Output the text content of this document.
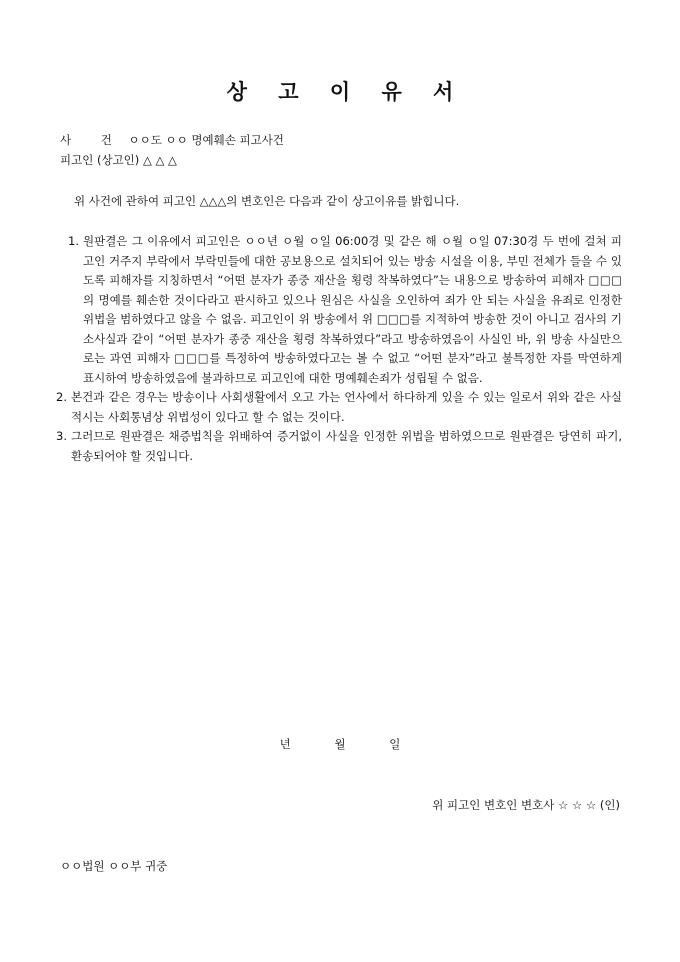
상 고 이 유 서
사 건 ㅇㅇ도 ㅇㅇ 명예훼손 피고사건
피고인 (상고인) △ △ △
위 사건에 관하여 피고인 △△△의 변호인은 다음과 같이 상고이유를 밝힙니다.
1. 원판결은 그 이유에서 피고인은 ㅇㅇ년 ㅇ월 ㅇ일 06:00경 및 같은 해 ㅇ월 ㅇ일 07:30경 두 번에 걸쳐 피고인 거주지 부락에서 부락민들에 대한 공보용으로 설치되어 있는 방송 시설을 이용, 부민 전체가 들을 수 있도록 피해자를 지칭하면서 “어떤 분자가 종중 재산을 횡령 착복하였다”는 내용으로 방송하여 피해자 □□□의 명예를 훼손한 것이다라고 판시하고 있으나 원심은 사실을 오인하여 죄가 안 되는 사실을 유죄로 인정한 위법을 범하였다고 않을 수 없음. 피고인이 위 방송에서 위 □□□를 지적하여 방송한 것이 아니고 검사의 기소사실과 같이 “어떤 분자가 종중 재산을 횡령 착복하였다”라고 방송하였음이 사실인 바, 위 방송 사실만으로는 과연 피해자 □□□를 특정하여 방송하였다고는 볼 수 없고 “어떤 분자”라고 불특정한 자를 막연하게 표시하여 방송하였음에 불과하므로 피고인에 대한 명예훼손죄가 성립될 수 없음.
2. 본건과 같은 경우는 방송이나 사회생활에서 오고 가는 언사에서 하다하게 있을 수 있는 일로서 위와 같은 사실적시는 사회통념상 위법성이 있다고 할 수 없는 것이다.
3. 그러므로 원판결은 채증법칙을 위배하여 증거없이 사실을 인정한 위법을 범하였으므로 원판결은 당연히 파기, 환송되어야 할 것입니다.
년	월	일
위 피고인 변호인 변호사 ☆ ☆ ☆ (인)
ㅇㅇ법원 ㅇㅇ부 귀중
